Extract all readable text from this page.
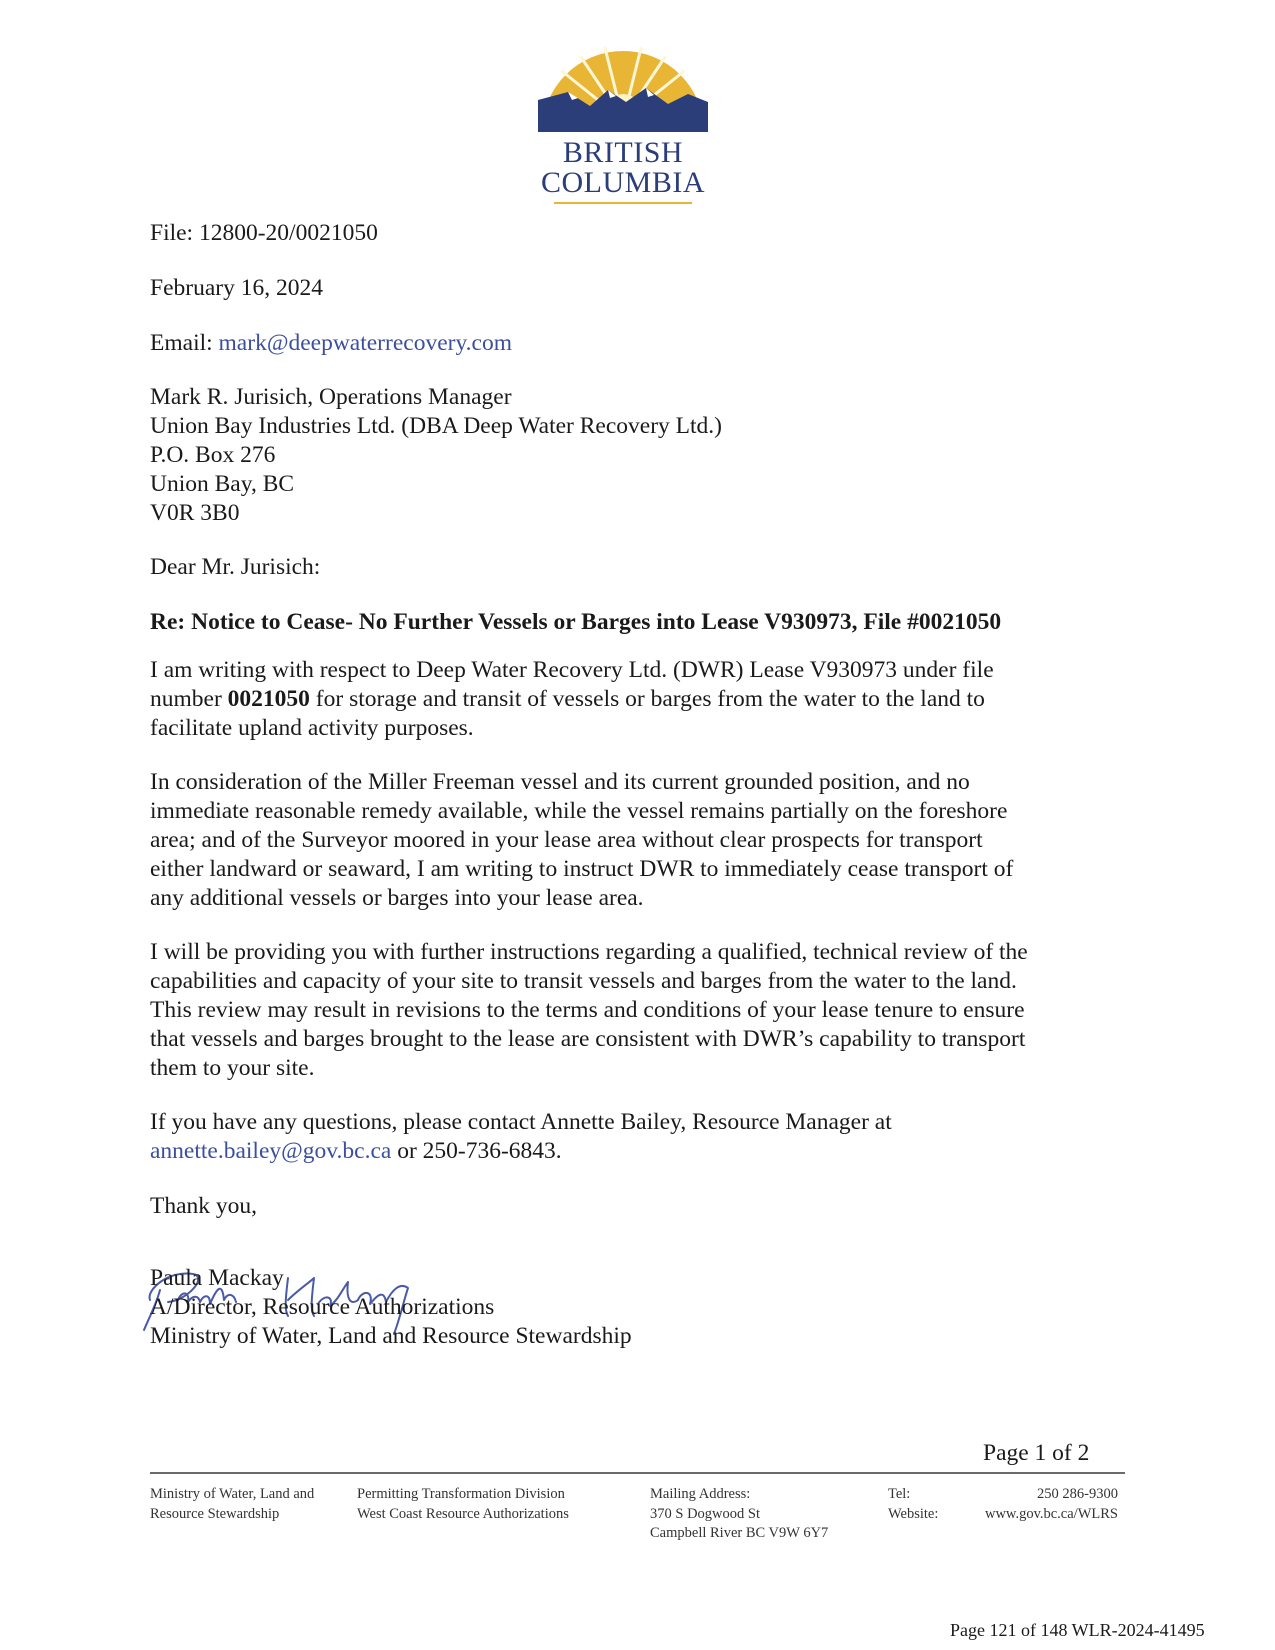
BRITISH
COLUMBIA

File: 12800-20/0021050

February 16, 2024

Email: mark@deepwaterrecovery.com

Mark R. Jurisich, Operations Manager
Union Bay Industries Ltd. (DBA Deep Water Recovery Ltd.)
P.O. Box 276
Union Bay, BC
V0R 3B0

Dear Mr. Jurisich:

Re: Notice to Cease- No Further Vessels or Barges into Lease V930973, File #0021050

I am writing with respect to Deep Water Recovery Ltd. (DWR) Lease V930973 under file number 0021050 for storage and transit of vessels or barges from the water to the land to facilitate upland activity purposes.

In consideration of the Miller Freeman vessel and its current grounded position, and no immediate reasonable remedy available, while the vessel remains partially on the foreshore area; and of the Surveyor moored in your lease area without clear prospects for transport either landward or seaward, I am writing to instruct DWR to immediately cease transport of any additional vessels or barges into your lease area.

I will be providing you with further instructions regarding a qualified, technical review of the capabilities and capacity of your site to transit vessels and barges from the water to the land. This review may result in revisions to the terms and conditions of your lease tenure to ensure that vessels and barges brought to the lease are consistent with DWR’s capability to transport them to your site.

If you have any questions, please contact Annette Bailey, Resource Manager at annette.bailey@gov.bc.ca or 250-736-6843.

Thank you,

Paula Mackay
A/Director, Resource Authorizations
Ministry of Water, Land and Resource Stewardship
Page 1 of 2
Ministry of Water, Land and
Resource Stewardship
Permitting Transformation Division
West Coast Resource Authorizations
Mailing Address:
370 S Dogwood St
Campbell River BC V9W 6Y7
Tel:
Website:
250 286-9300
www.gov.bc.ca/WLRS
Page 121 of 148 WLR-2024-41495
